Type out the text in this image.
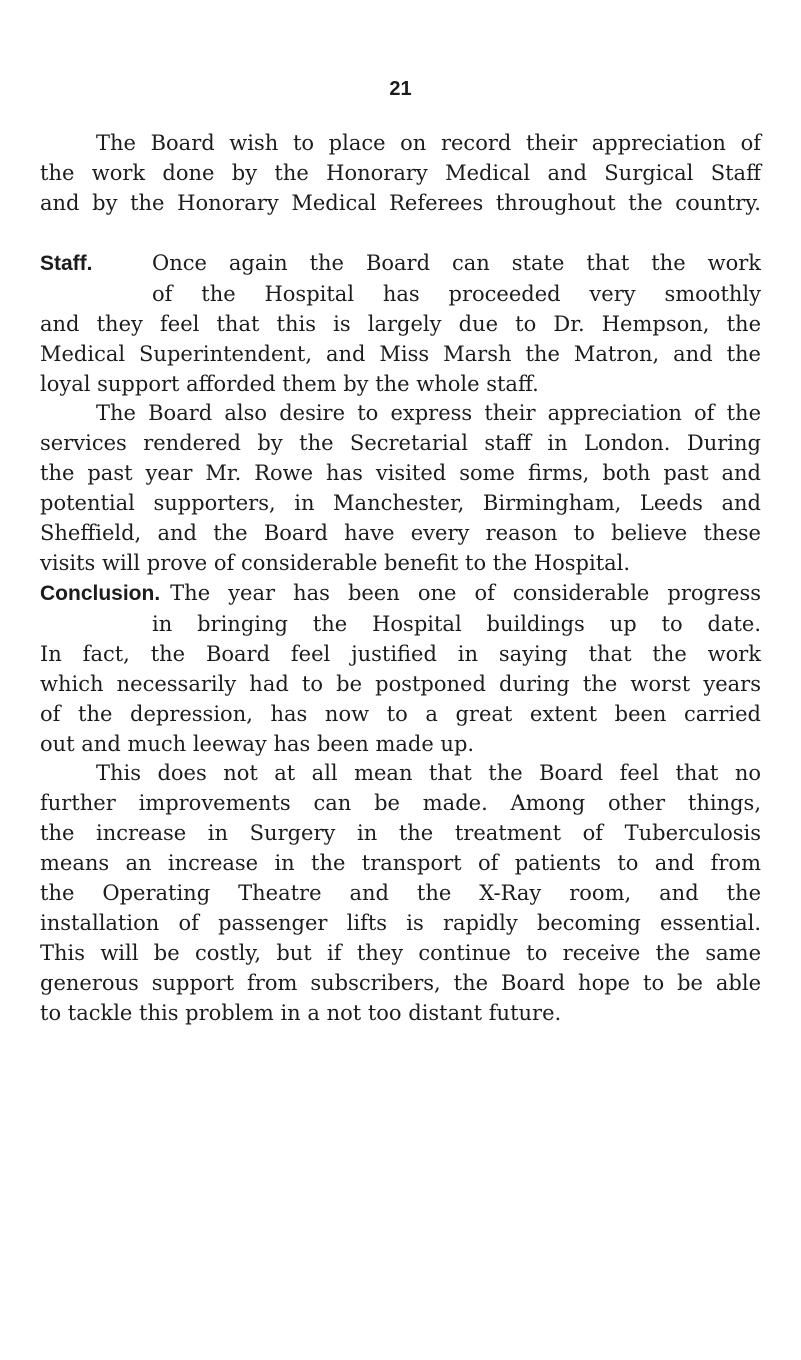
21
The Board wish to place on record their appreciation of
the work done by the Honorary Medical and Surgical Staff
and by the Honorary Medical Referees throughout the country.
Staff.	Once again the Board can state that the work
of the Hospital has proceeded very smoothly
and they feel that this is largely due to Dr. Hempson, the
Medical Superintendent, and Miss Marsh the Matron, and the
loyal support afforded them by the whole staff.
The Board also desire to express their appreciation of the
services rendered by the Secretarial staff in London. During
the past year Mr. Rowe has visited some firms, both past and
potential supporters, in Manchester, Birmingham, Leeds and
Sheffield, and the Board have every reason to believe these
visits will prove of considerable benefit to the Hospital.
Conclusion. The year has been one of considerable progress
in bringing the Hospital buildings up to date.
In fact, the Board feel justified in saying that the work
which necessarily had to be postponed during the worst years
of the depression, has now to a great extent been carried
out and much leeway has been made up.
This does not at all mean that the Board feel that no
further improvements can be made. Among other things,
the increase in Surgery in the treatment of Tuberculosis
means an increase in the transport of patients to and from
the Operating Theatre and the X-Ray room, and the
installation of passenger lifts is rapidly becoming essential.
This will be costly, but if they continue to receive the same
generous support from subscribers, the Board hope to be able
to tackle this problem in a not too distant future.
